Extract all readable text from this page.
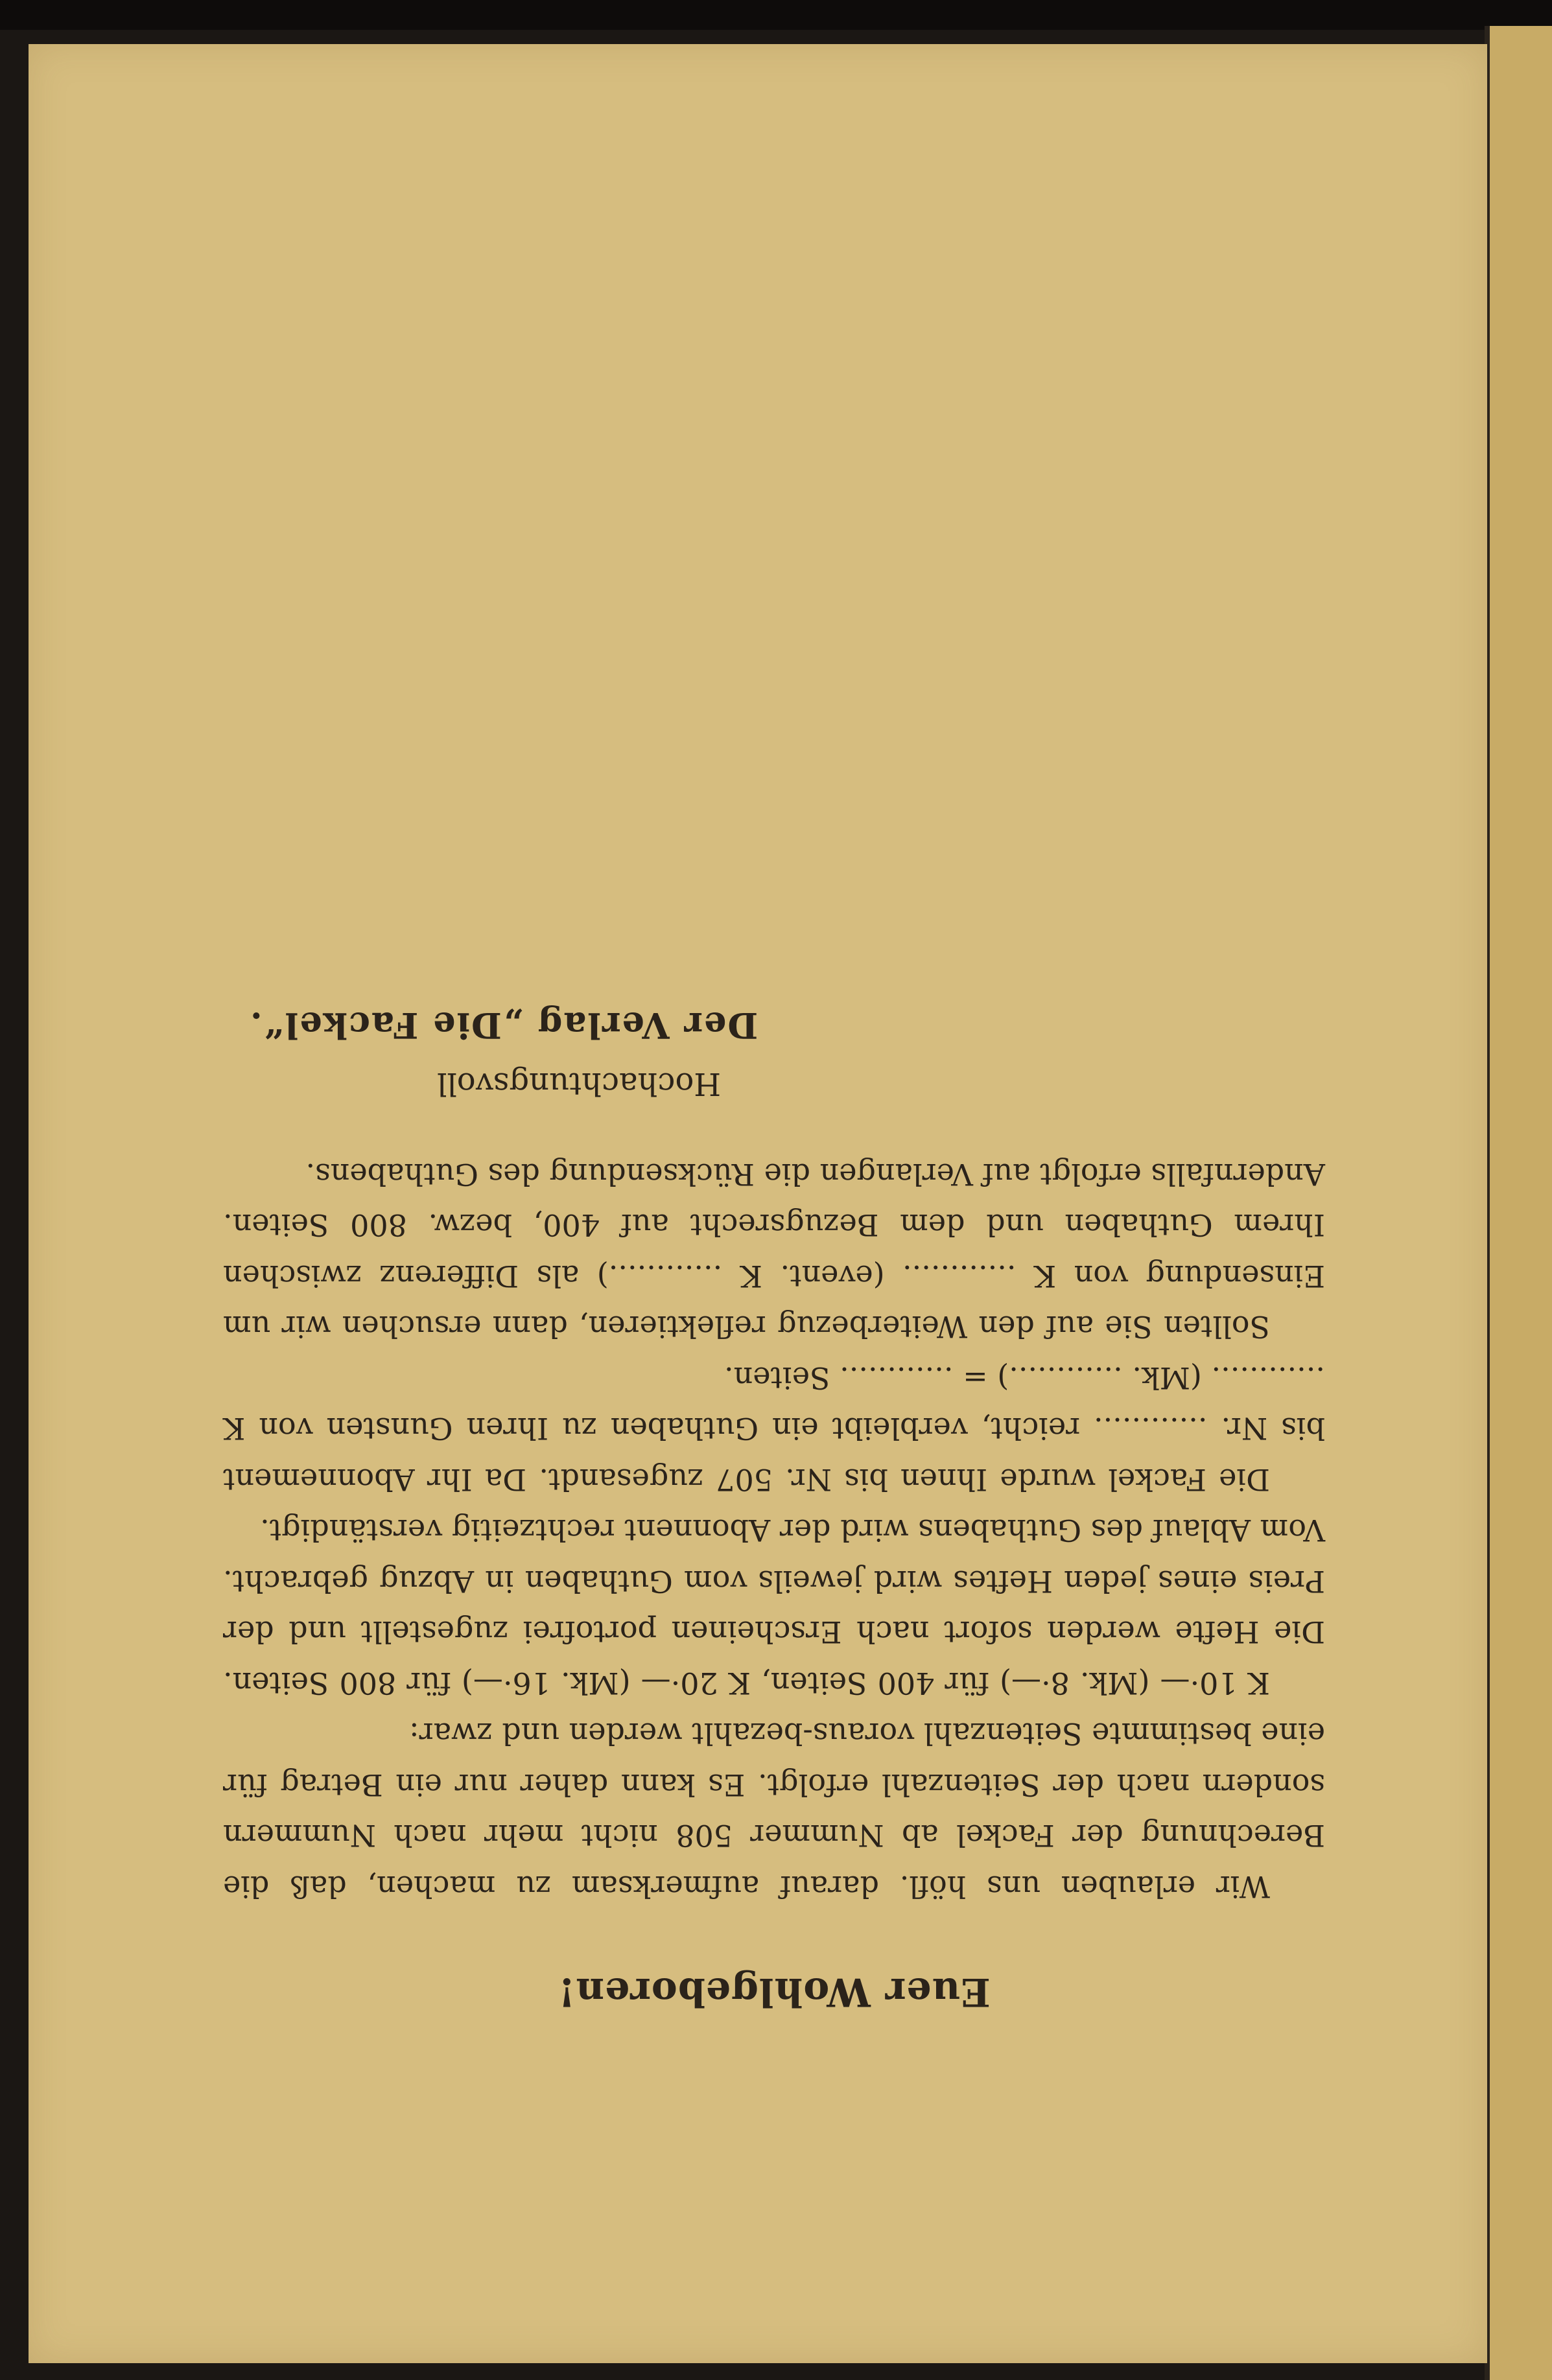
Euer Wohlgeboren!

Wir erlauben uns höfl. darauf aufmerksam zu machen, daß die Berechnung der Fackel ab Nummer 508 nicht mehr nach Nummern sondern nach der Seitenzahl erfolgt. Es kann daher nur ein Betrag für eine bestimmte Seitenzahl voraus-bezahlt werden und zwar:

K 10·— (Mk. 8·—) für 400 Seiten, K 20·— (Mk. 16·—) für 800 Seiten. Die Hefte werden sofort nach Erscheinen portofrei zugestellt und der Preis eines jeden Heftes wird jeweils vom Guthaben in Abzug gebracht. Vom Ablauf des Guthabens wird der Abonnent rechtzeitig verständigt.

Die Fackel wurde Ihnen bis Nr. 507 zugesandt. Da Ihr Abonnement bis Nr. ............ reicht, verbleibt ein Guthaben zu Ihren Gunsten von K ............ (Mk. ............) = ............ Seiten.

Sollten Sie auf den Weiterbezug reflektieren, dann ersuchen wir um Einsendung von K ............ (event. K ............) als Differenz zwischen Ihrem Guthaben und dem Bezugsrecht auf 400, bezw. 800 Seiten. Andernfalls erfolgt auf Verlangen die Rücksendung des Guthabens.

Hochachtungsvoll
Der Verlag „Die Fackel“.
